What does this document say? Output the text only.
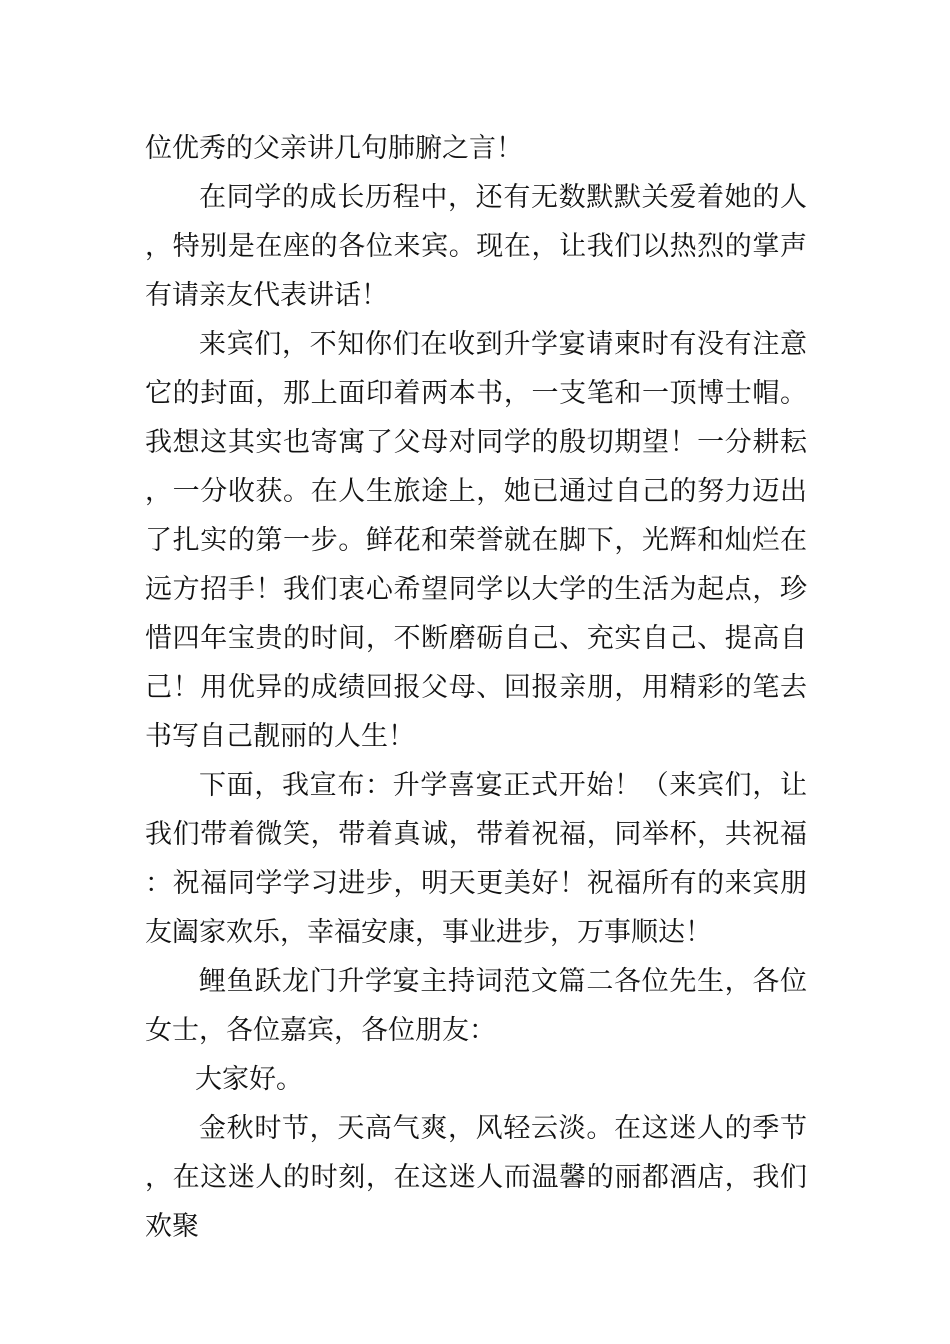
位优秀的父亲讲几句肺腑之言！

在同学的成长历程中，还有无数默默关爱着她的人，特别是在座的各位来宾。现在，让我们以热烈的掌声有请亲友代表讲话！

来宾们，不知你们在收到升学宴请柬时有没有注意它的封面，那上面印着两本书，一支笔和一顶博士帽。我想这其实也寄寓了父母对同学的殷切期望！一分耕耘，一分收获。在人生旅途上，她已通过自己的努力迈出了扎实的第一步。鲜花和荣誉就在脚下，光辉和灿烂在远方招手！我们衷心希望同学以大学的生活为起点，珍惜四年宝贵的时间，不断磨砺自己、充实自己、提高自己！用优异的成绩回报父母、回报亲朋，用精彩的笔去书写自己靓丽的人生！

下面，我宣布：升学喜宴正式开始！（来宾们，让我们带着微笑，带着真诚，带着祝福，同举杯，共祝福：祝福同学学习进步，明天更美好！祝福所有的来宾朋友阖家欢乐，幸福安康，事业进步，万事顺达！

鲤鱼跃龙门升学宴主持词范文篇二各位先生，各位女士，各位嘉宾，各位朋友：

大家好。

金秋时节，天高气爽，风轻云淡。在这迷人的季节，在这迷人的时刻，在这迷人而温馨的丽都酒店，我们欢聚
